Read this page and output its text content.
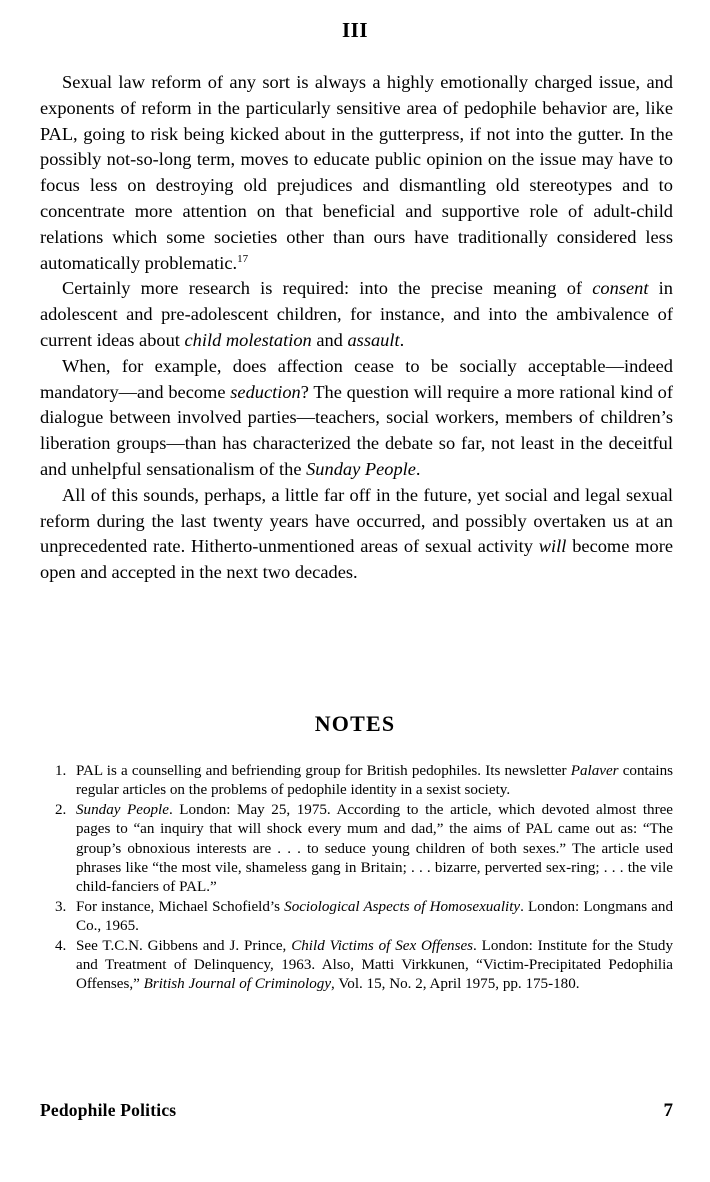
III

Sexual law reform of any sort is always a highly emotionally charged issue, and exponents of reform in the particularly sensitive area of pedophile behavior are, like PAL, going to risk being kicked about in the gutterpress, if not into the gutter. In the possibly not-so-long term, moves to educate public opinion on the issue may have to focus less on destroying old prejudices and dismantling old stereotypes and to concentrate more attention on that beneficial and supportive role of adult-child relations which some societies other than ours have traditionally considered less automatically problematic.$^{17}$

Certainly more research is required: into the precise meaning of consent in adolescent and pre-adolescent children, for instance, and into the ambivalence of current ideas about child molestation and assault.

When, for example, does affection cease to be socially acceptable—indeed mandatory—and become seduction? The question will require a more rational kind of dialogue between involved parties—teachers, social workers, members of children’s liberation groups—than has characterized the debate so far, not least in the deceitful and unhelpful sensationalism of the Sunday People.

All of this sounds, perhaps, a little far off in the future, yet social and legal sexual reform during the last twenty years have occurred, and possibly overtaken us at an unprecedented rate. Hitherto-unmentioned areas of sexual activity will become more open and accepted in the next two decades.

NOTES
1. PAL is a counselling and befriending group for British pedophiles. Its newsletter Palaver contains regular articles on the problems of pedophile identity in a sexist society.
2. Sunday People. London: May 25, 1975. According to the article, which devoted almost three pages to “an inquiry that will shock every mum and dad,” the aims of PAL came out as: “The group’s obnoxious interests are . . . to seduce young children of both sexes.” The article used phrases like “the most vile, shameless gang in Britain; . . . bizarre, perverted sex-ring; . . . the vile child-fanciers of PAL.”
3. For instance, Michael Schofield’s Sociological Aspects of Homosexuality. London: Longmans and Co., 1965.
4. See T.C.N. Gibbens and J. Prince, Child Victims of Sex Offenses. London: Institute for the Study and Treatment of Delinquency, 1963. Also, Matti Virkkunen, “Victim-Precipitated Pedophilia Offenses,” British Journal of Criminology, Vol. 15, No. 2, April 1975, pp. 175-180.
Pedophile Politics	7
